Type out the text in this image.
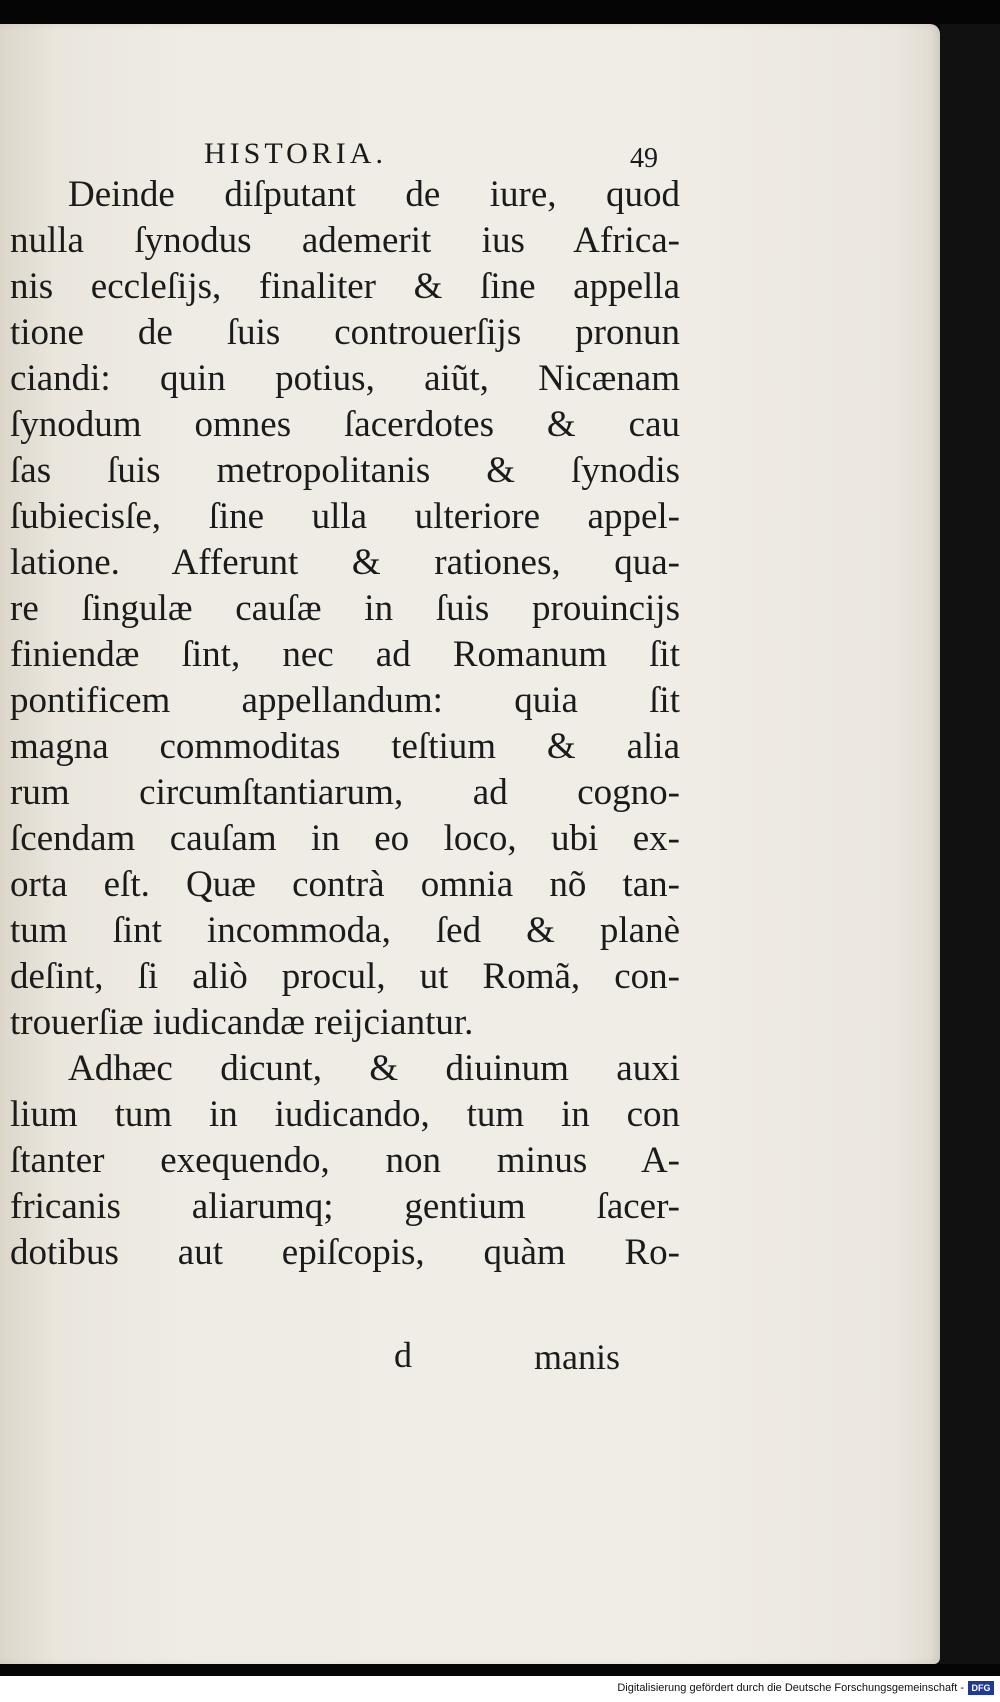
HISTORIA.	49
Deinde diſputant de iure, quod
nulla ſynodus ademerit ius Africa-
nis eccleſijs, finaliter & ſine appella
tione de ſuis controuerſijs pronun
ciandi: quin potius, aiũt, Nicænam
ſynodum omnes ſacerdotes & cau
ſas ſuis metropolitanis & ſynodis
ſubiecisſe, ſine ulla ulteriore appel-
latione. Afferunt & rationes, qua-
re ſingulæ cauſæ in ſuis prouincijs
finiendæ ſint, nec ad Romanum ſit
pontificem appellandum: quia ſit
magna commoditas teſtium & alia
rum circumſtantiarum, ad cogno-
ſcendam cauſam in eo loco, ubi ex-
orta eſt. Quæ contrà omnia nõ tan-
tum ſint incommoda, ſed & planè
deſint, ſi aliò procul, ut Romã, con-
trouerſiæ iudicandæ reijciantur.
Adhæc dicunt, & diuinum auxi
lium tum in iudicando, tum in con
ſtanter exequendo, non minus A-
fricanis aliarumq; gentium ſacer-
dotibus aut epiſcopis, quàm Ro-
d	manis
Digitalisierung gefördert durch die Deutsche Forschungsgemeinschaft - DFG
